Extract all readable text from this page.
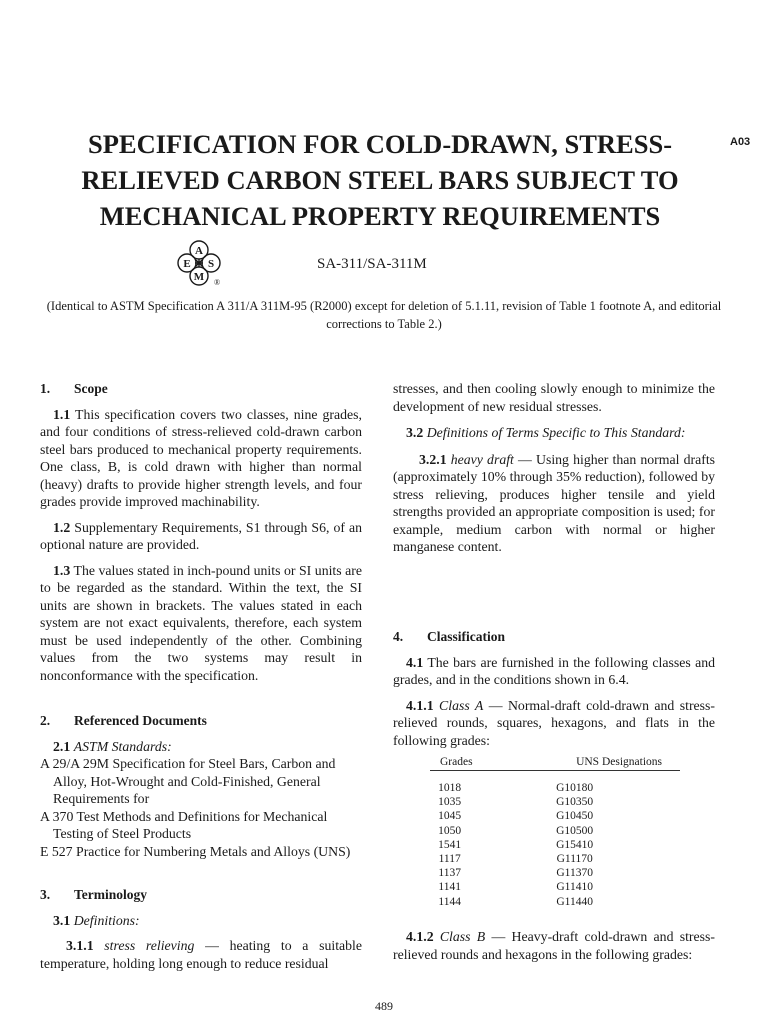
SPECIFICATION FOR COLD-DRAWN, STRESS-
RELIEVED CARBON STEEL BARS SUBJECT TO
MECHANICAL PROPERTY REQUIREMENTS
A03
A
E S
M ®
SA-311/SA-311M
(Identical to ASTM Specification A 311/A 311M-95 (R2000) except for deletion of 5.1.11, revision of Table 1 footnote A, and editorial corrections to Table 2.)

1. Scope

1.1 This specification covers two classes, nine grades, and four conditions of stress-relieved cold-drawn carbon steel bars produced to mechanical property requirements. One class, B, is cold drawn with higher than normal (heavy) drafts to provide higher strength levels, and four grades provide improved machinability.

1.2 Supplementary Requirements, S1 through S6, of an optional nature are provided.

1.3 The values stated in inch-pound units or SI units are to be regarded as the standard. Within the text, the SI units are shown in brackets. The values stated in each system are not exact equivalents, therefore, each system must be used independently of the other. Combining values from the two systems may result in nonconformance with the specification.

2. Referenced Documents

2.1 ASTM Standards:

A 29/A 29M Specification for Steel Bars, Carbon and Alloy, Hot-Wrought and Cold-Finished, General Requirements for

A 370 Test Methods and Definitions for Mechanical Testing of Steel Products

E 527 Practice for Numbering Metals and Alloys (UNS)

3. Terminology

3.1 Definitions:

3.1.1 stress relieving — heating to a suitable temperature, holding long enough to reduce residual

stresses, and then cooling slowly enough to minimize the development of new residual stresses.

3.2 Definitions of Terms Specific to This Standard:

3.2.1 heavy draft — Using higher than normal drafts (approximately 10% through 35% reduction), followed by stress relieving, produces higher tensile and yield strengths provided an appropriate composition is used; for example, medium carbon with normal or higher manganese content.

4. Classification

4.1 The bars are furnished in the following classes and grades, and in the conditions shown in 6.4.

4.1.1 Class A — Normal-draft cold-drawn and stress-relieved rounds, squares, hexagons, and flats in the following grades:

Grades	UNS Designations
1018	G10180
1035	G10350
1045	G10450
1050	G10500
1541	G15410
1117	G11170
1137	G11370
1141	G11410
1144	G11440

4.1.2 Class B — Heavy-draft cold-drawn and stress-relieved rounds and hexagons in the following grades:

489
